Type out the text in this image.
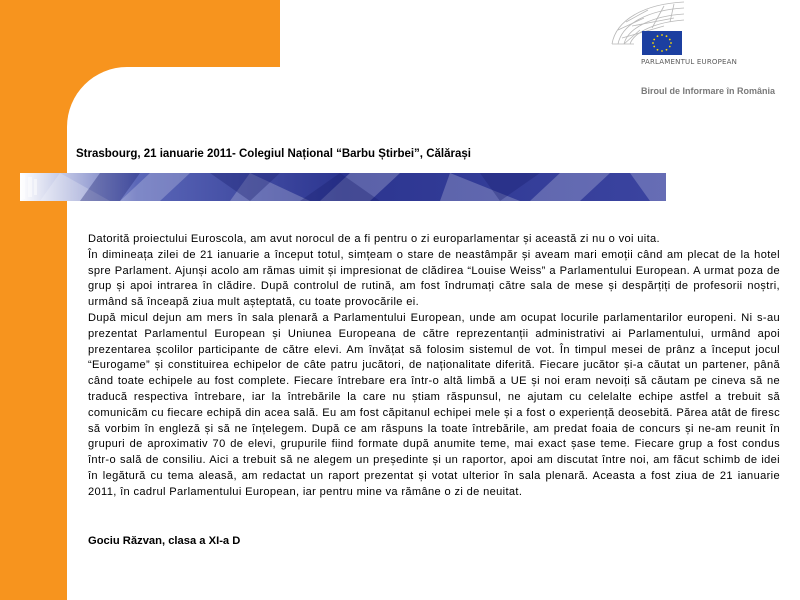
PARLAMENTUL EUROPEAN
Biroul de Informare în România
Strasbourg, 21 ianuarie 2011- Colegiul Național “Barbu Știrbei”, Călărași

Datorită proiectului Euroscola, am avut norocul de a fi pentru o zi europarlamentar și această zi nu o voi uita.

În dimineața zilei de 21 ianuarie a început totul, simțeam o stare de neastâmpăr și aveam mari emoții când am plecat de la hotel spre Parlament. Ajunși acolo am rămas uimit și impresionat de clădirea “Louise Weiss” a Parlamentului European. A urmat poza de grup și apoi intrarea în clădire. După controlul de rutină, am fost îndrumați către sala de mese și despărțiți de profesorii noștri, urmând să înceapă ziua mult așteptată, cu toate provocările ei.

După micul dejun am mers în sala plenară a Parlamentului European, unde am ocupat locurile parlamentarilor europeni. Ni s-au prezentat Parlamentul European și Uniunea Europeana de către reprezentanții administrativi ai Parlamentului, urmând apoi prezentarea școlilor participante de către elevi. Am învățat să folosim sistemul de vot. În timpul mesei de prânz a început jocul “Eurogame” și constituirea echipelor de câte patru jucători, de naționalitate diferită. Fiecare jucător și-a căutat un partener, până când toate echipele au fost complete. Fiecare întrebare era într-o altă limbă a UE și noi eram nevoiți să căutam pe cineva să ne traducă respectiva întrebare, iar la întrebările la care nu știam răspunsul, ne ajutam cu celelalte echipe astfel a trebuit să comunicăm cu fiecare echipă din acea sală. Eu am fost căpitanul echipei mele și a fost o experiență deosebită. Părea atât de firesc să vorbim în engleză și să ne înțelegem. După ce am răspuns la toate întrebările, am predat foaia de concurs și ne-am reunit în grupuri de aproximativ 70 de elevi, grupurile fiind formate după anumite teme, mai exact șase teme. Fiecare grup a fost condus într-o sală de consiliu. Aici a trebuit să ne alegem un președinte și un raportor, apoi am discutat între noi, am făcut schimb de idei în legătură cu tema aleasă, am redactat un raport prezentat și votat ulterior în sala plenară. Aceasta a fost ziua de 21 ianuarie 2011, în cadrul Parlamentului European, iar pentru mine va rămâne o zi de neuitat.

Gociu Răzvan, clasa a XI-a D
